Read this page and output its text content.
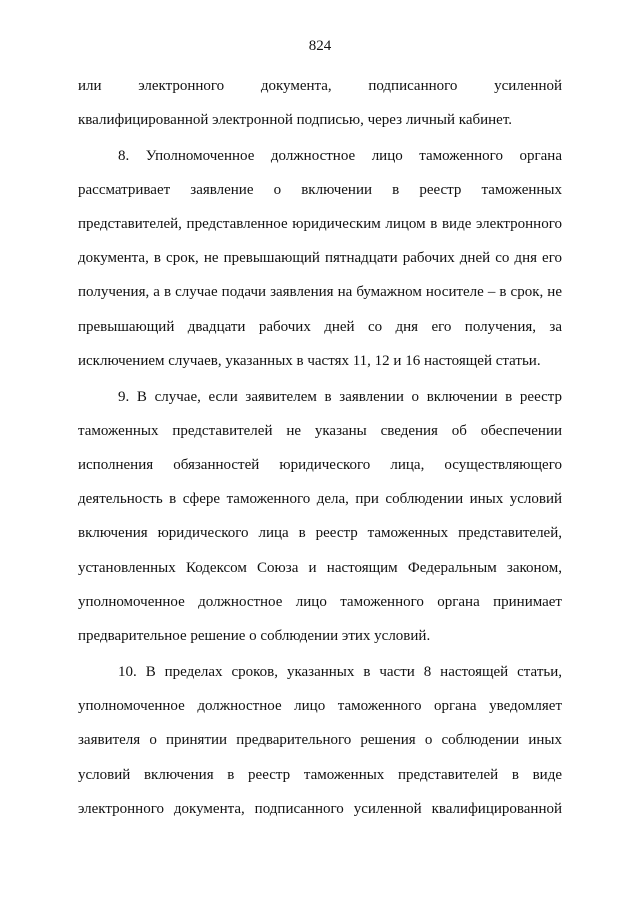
824
или электронного документа, подписанного усиленной
квалифицированной электронной подписью, через личный кабинет.
8. Уполномоченное должностное лицо таможенного органа
рассматривает заявление о включении в реестр таможенных
представителей, представленное юридическим лицом в виде электронного
документа, в срок, не превышающий пятнадцати рабочих дней со дня его
получения, а в случае подачи заявления на бумажном носителе – в срок, не
превышающий двадцати рабочих дней со дня его получения, за
исключением случаев, указанных в частях 11, 12 и 16 настоящей статьи.
9. В случае, если заявителем в заявлении о включении в реестр
таможенных представителей не указаны сведения об обеспечении
исполнения обязанностей юридического лица, осуществляющего
деятельность в сфере таможенного дела, при соблюдении иных условий
включения юридического лица в реестр таможенных представителей,
установленных Кодексом Союза и настоящим Федеральным законом,
уполномоченное должностное лицо таможенного органа принимает
предварительное решение о соблюдении этих условий.
10. В пределах сроков, указанных в части 8 настоящей статьи,
уполномоченное должностное лицо таможенного органа уведомляет
заявителя о принятии предварительного решения о соблюдении иных
условий включения в реестр таможенных представителей в виде
электронного документа, подписанного усиленной квалифицированной
